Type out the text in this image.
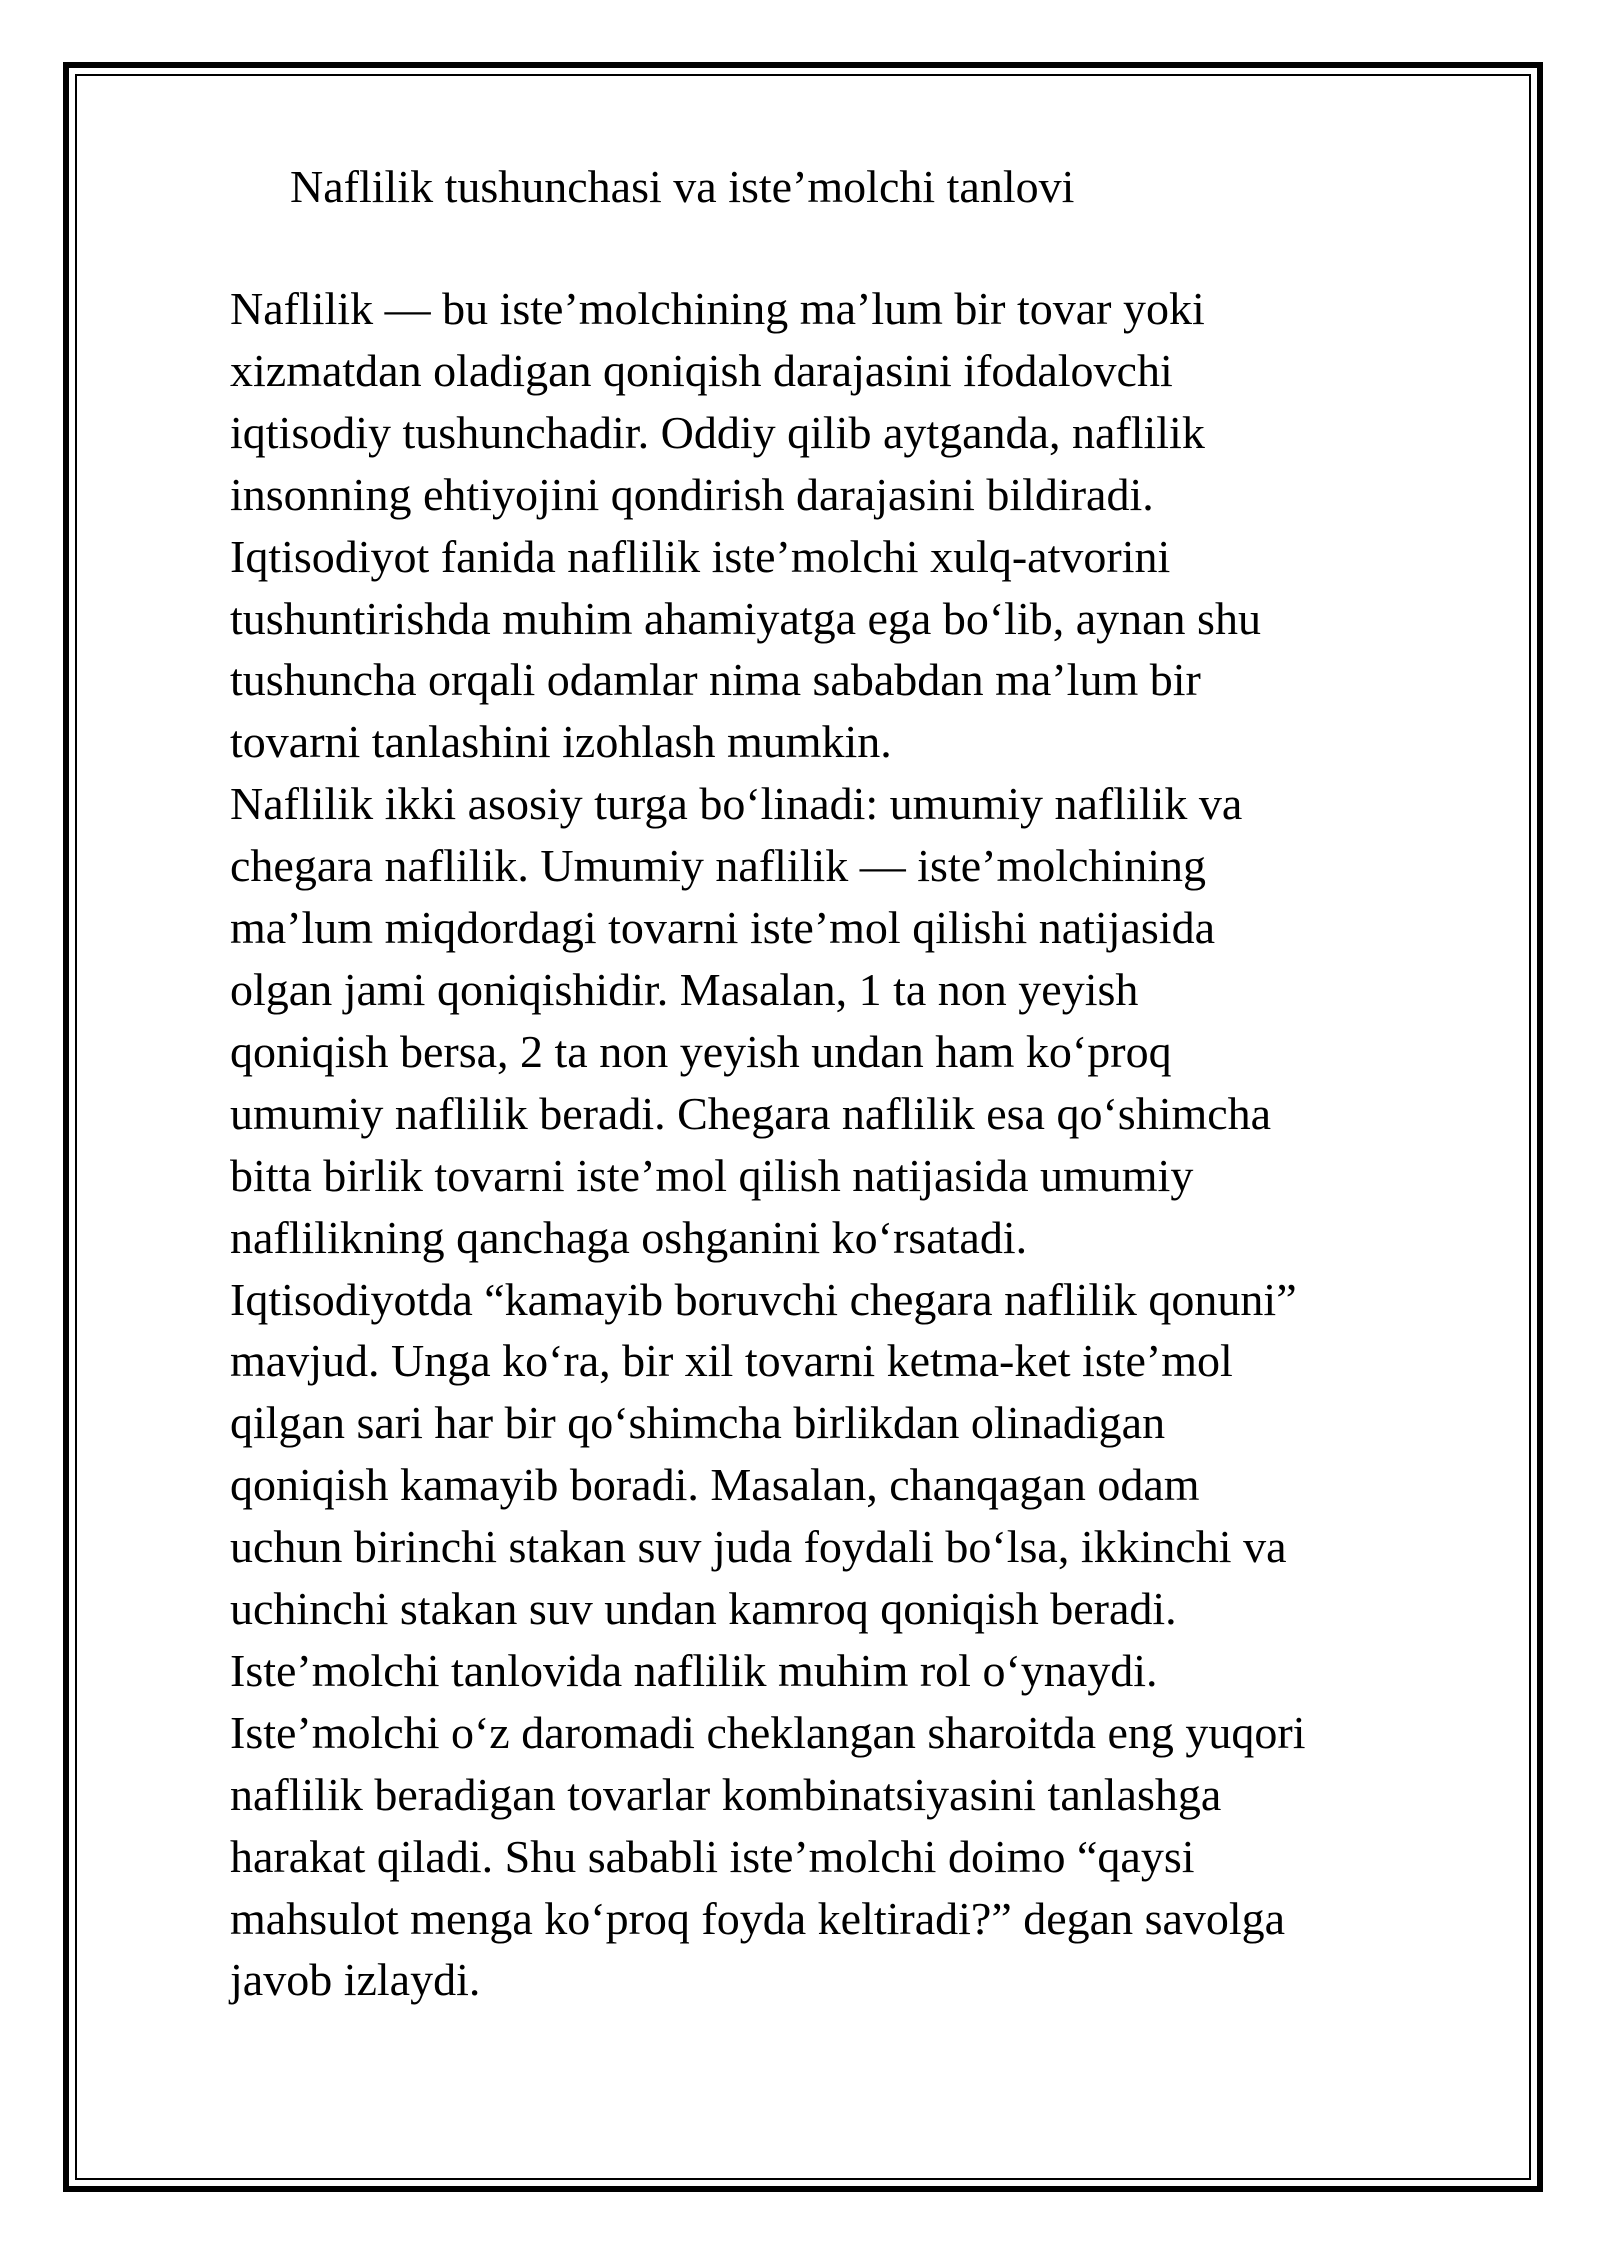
Naflilik tushunchasi va iste’molchi tanlovi

Naflilik — bu iste’molchining ma’lum bir tovar yoki
xizmatdan oladigan qoniqish darajasini ifodalovchi
iqtisodiy tushunchadir. Oddiy qilib aytganda, naflilik
insonning ehtiyojini qondirish darajasini bildiradi.
Iqtisodiyot fanida naflilik iste’molchi xulq-atvorini
tushuntirishda muhim ahamiyatga ega bo‘lib, aynan shu
tushuncha orqali odamlar nima sababdan ma’lum bir
tovarni tanlashini izohlash mumkin.

Naflilik ikki asosiy turga bo‘linadi: umumiy naflilik va
chegara naflilik. Umumiy naflilik — iste’molchining
ma’lum miqdordagi tovarni iste’mol qilishi natijasida
olgan jami qoniqishidir. Masalan, 1 ta non yeyish
qoniqish bersa, 2 ta non yeyish undan ham ko‘proq
umumiy naflilik beradi. Chegara naflilik esa qo‘shimcha
bitta birlik tovarni iste’mol qilish natijasida umumiy
naflilikning qanchaga oshganini ko‘rsatadi.

Iqtisodiyotda “kamayib boruvchi chegara naflilik qonuni”
mavjud. Unga ko‘ra, bir xil tovarni ketma-ket iste’mol
qilgan sari har bir qo‘shimcha birlikdan olinadigan
qoniqish kamayib boradi. Masalan, chanqagan odam
uchun birinchi stakan suv juda foydali bo‘lsa, ikkinchi va
uchinchi stakan suv undan kamroq qoniqish beradi.

Iste’molchi tanlovida naflilik muhim rol o‘ynaydi.
Iste’molchi o‘z daromadi cheklangan sharoitda eng yuqori
naflilik beradigan tovarlar kombinatsiyasini tanlashga
harakat qiladi. Shu sababli iste’molchi doimo “qaysi
mahsulot menga ko‘proq foyda keltiradi?” degan savolga
javob izlaydi.
